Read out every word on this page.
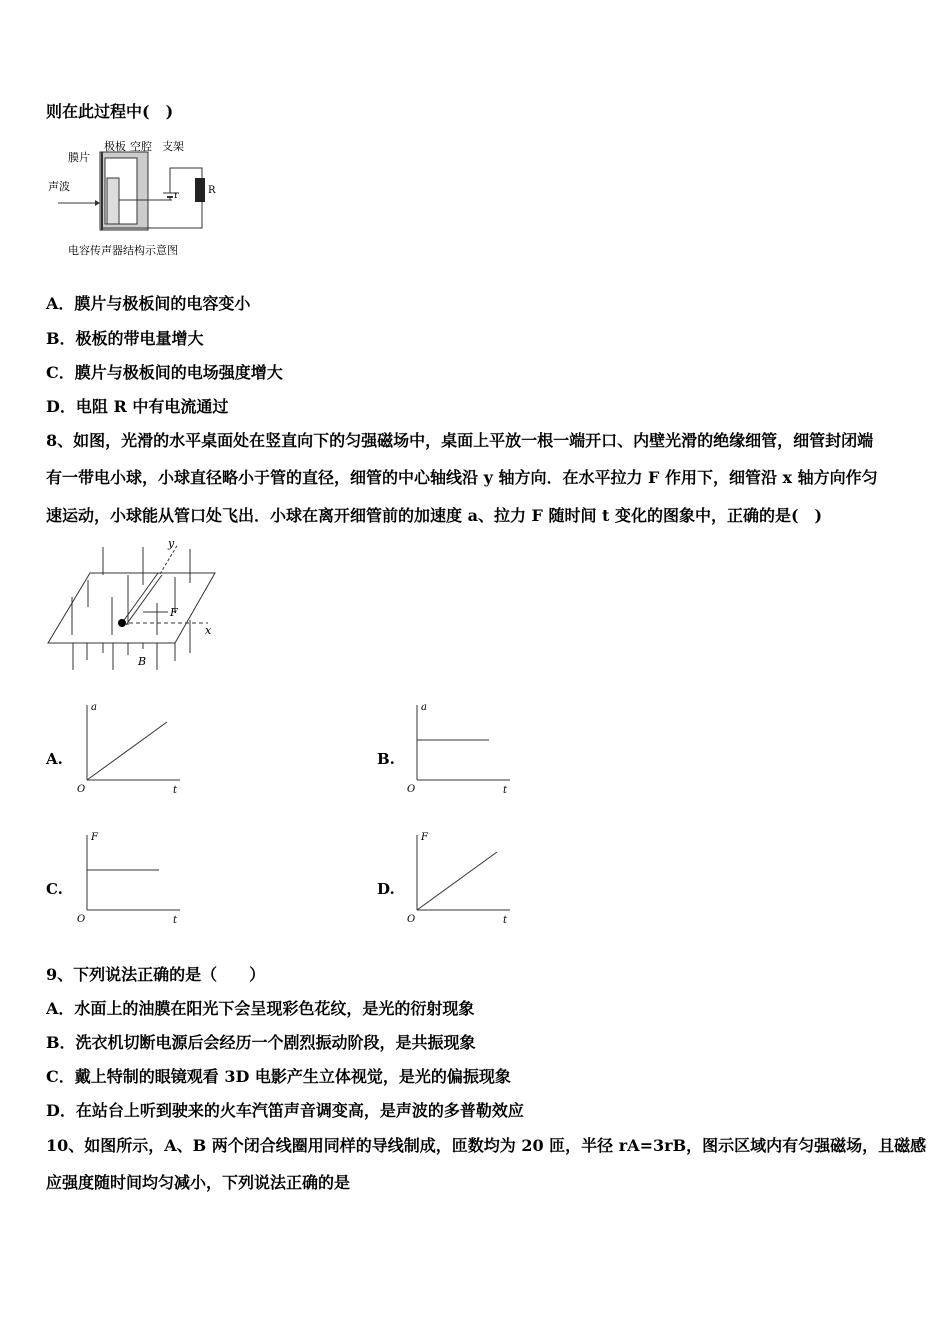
则在此过程中(　)
膜片
极板 空腔 支架
声波
r	R
电容传声器结构示意图
A．膜片与极板间的电容变小
B．极板的带电量增大
C．膜片与极板间的电场强度增大
D．电阻 R 中有电流通过
8、如图，光滑的水平桌面处在竖直向下的匀强磁场中，桌面上平放一根一端开口、内壁光滑的绝缘细管，细管封闭端
有一带电小球，小球直径略小于管的直径，细管的中心轴线沿 y 轴方向．在水平拉力 F 作用下，细管沿 x 轴方向作匀
速运动，小球能从管口处飞出．小球在离开细管前的加速度 a、拉力 F 随时间 t 变化的图象中，正确的是(　)
y
x
F
B
A.
a
t
O
B.
a
t
O
C.
F
t
O
D.
F
t
O
9、下列说法正确的是（　　）
A．水面上的油膜在阳光下会呈现彩色花纹，是光的衍射现象
B．洗衣机切断电源后会经历一个剧烈振动阶段，是共振现象
C．戴上特制的眼镜观看 3D 电影产生立体视觉，是光的偏振现象
D．在站台上听到驶来的火车汽笛声音调变高，是声波的多普勒效应
10、如图所示，A、B 两个闭合线圈用同样的导线制成，匝数均为 20 匝，半径 rA=3rB，图示区域内有匀强磁场，且磁感
应强度随时间均匀减小，下列说法正确的是
